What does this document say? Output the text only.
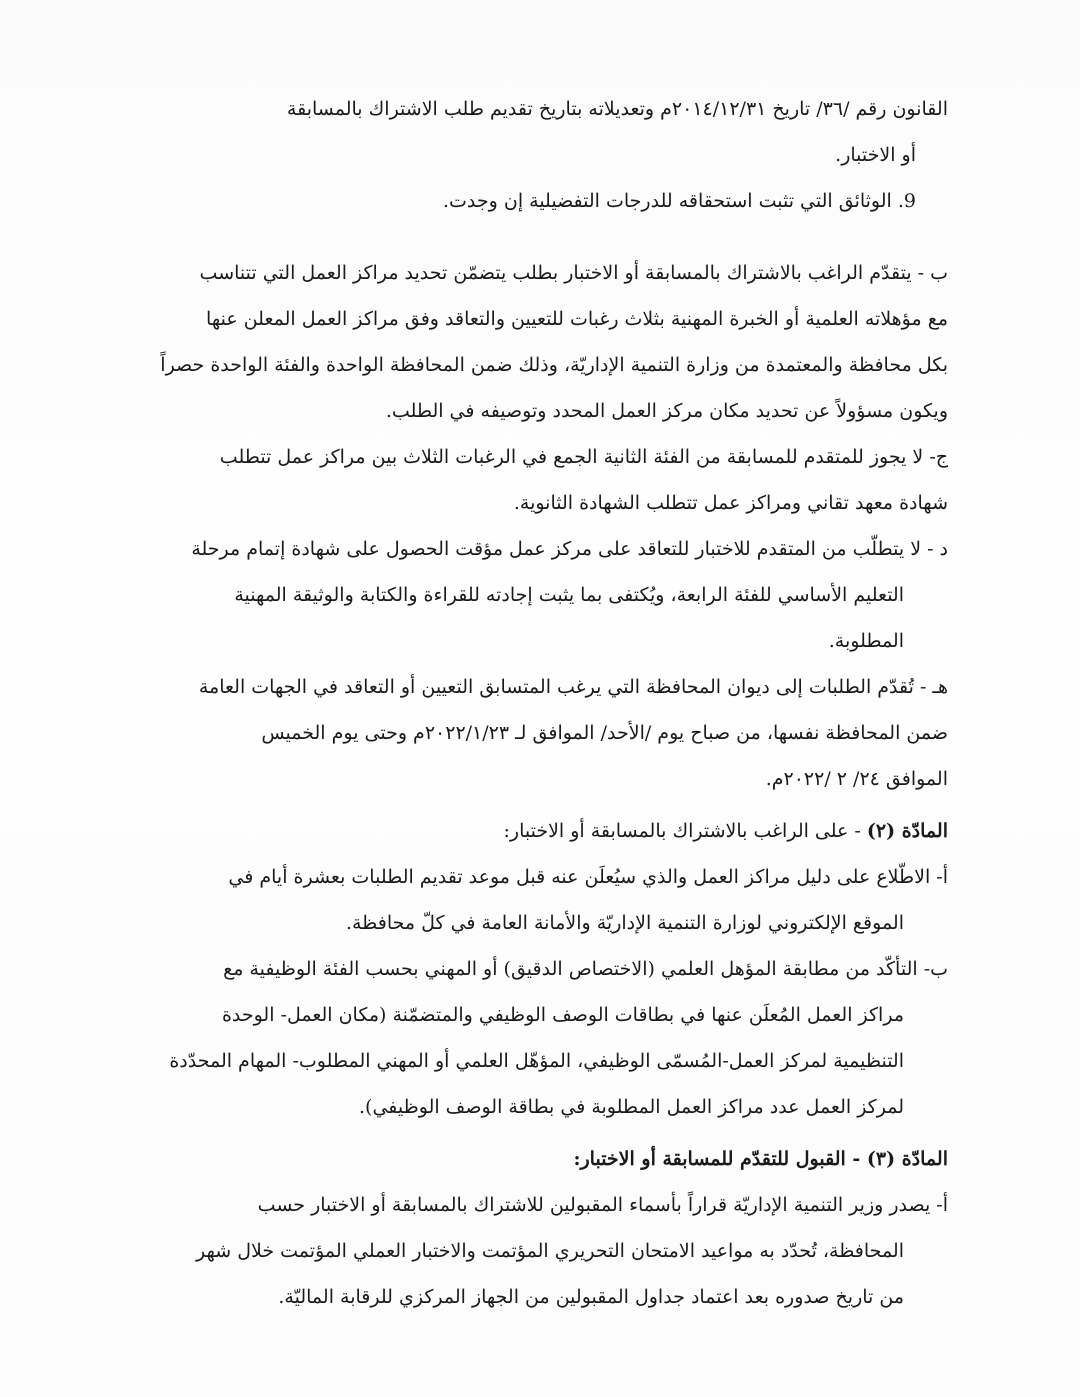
القانون رقم /٣٦/ تاريخ ٢٠١٤/١٢/٣١م وتعديلاته بتاريخ تقديم طلب الاشتراك بالمسابقة
أو الاختبار.
9. الوثائق التي تثبت استحقاقه للدرجات التفضيلية إن وجدت.

ب - يتقدّم الراغب بالاشتراك بالمسابقة أو الاختبار بطلب يتضمّن تحديد مراكز العمل التي تتناسب
مع مؤهلاته العلمية أو الخبرة المهنية بثلاث رغبات للتعيين والتعاقد وفق مراكز العمل المعلن عنها
بكل محافظة والمعتمدة من وزارة التنمية الإداريّة، وذلك ضمن المحافظة الواحدة والفئة الواحدة حصراً
ويكون مسؤولاً عن تحديد مكان مركز العمل المحدد وتوصيفه في الطلب.

ج- لا يجوز للمتقدم للمسابقة من الفئة الثانية الجمع في الرغبات الثلاث بين مراكز عمل تتطلب
شهادة معهد تقاني ومراكز عمل تتطلب الشهادة الثانوية.

د - لا يتطلّب من المتقدم للاختبار للتعاقد على مركز عمل مؤقت الحصول على شهادة إتمام مرحلة
التعليم الأساسي للفئة الرابعة، ويُكتفى بما يثبت إجادته للقراءة والكتابة والوثيقة المهنية
المطلوبة.

هـ - تُقدّم الطلبات إلى ديوان المحافظة التي يرغب المتسابق التعيين أو التعاقد في الجهات العامة
ضمن المحافظة نفسها، من صباح يوم /الأحد/ الموافق لـ ٢٠٢٢/١/٢٣م وحتى يوم الخميس
الموافق ٢٤/ ٢ /٢٠٢٢م.

المادّة (٢) - على الراغب بالاشتراك بالمسابقة أو الاختبار:

أ- الاطّلاع على دليل مراكز العمل والذي سيُعلَن عنه قبل موعد تقديم الطلبات بعشرة أيام في
الموقع الإلكتروني لوزارة التنمية الإداريّة والأمانة العامة في كلّ محافظة.

ب- التأكّد من مطابقة المؤهل العلمي (الاختصاص الدقيق) أو المهني بحسب الفئة الوظيفية مع
مراكز العمل المُعلَن عنها في بطاقات الوصف الوظيفي والمتضمّنة (مكان العمل- الوحدة
التنظيمية لمركز العمل-المُسمّى الوظيفي، المؤهّل العلمي أو المهني المطلوب- المهام المحدّدة
لمركز العمل عدد مراكز العمل المطلوبة في بطاقة الوصف الوظيفي).

المادّة (٣) - القبول للتقدّم للمسابقة أو الاختبار:

أ- يصدر وزير التنمية الإداريّة قراراً بأسماء المقبولين للاشتراك بالمسابقة أو الاختبار حسب
المحافظة، تُحدّد به مواعيد الامتحان التحريري المؤتمت والاختبار العملي المؤتمت خلال شهر
من تاريخ صدوره بعد اعتماد جداول المقبولين من الجهاز المركزي للرقابة الماليّة.
